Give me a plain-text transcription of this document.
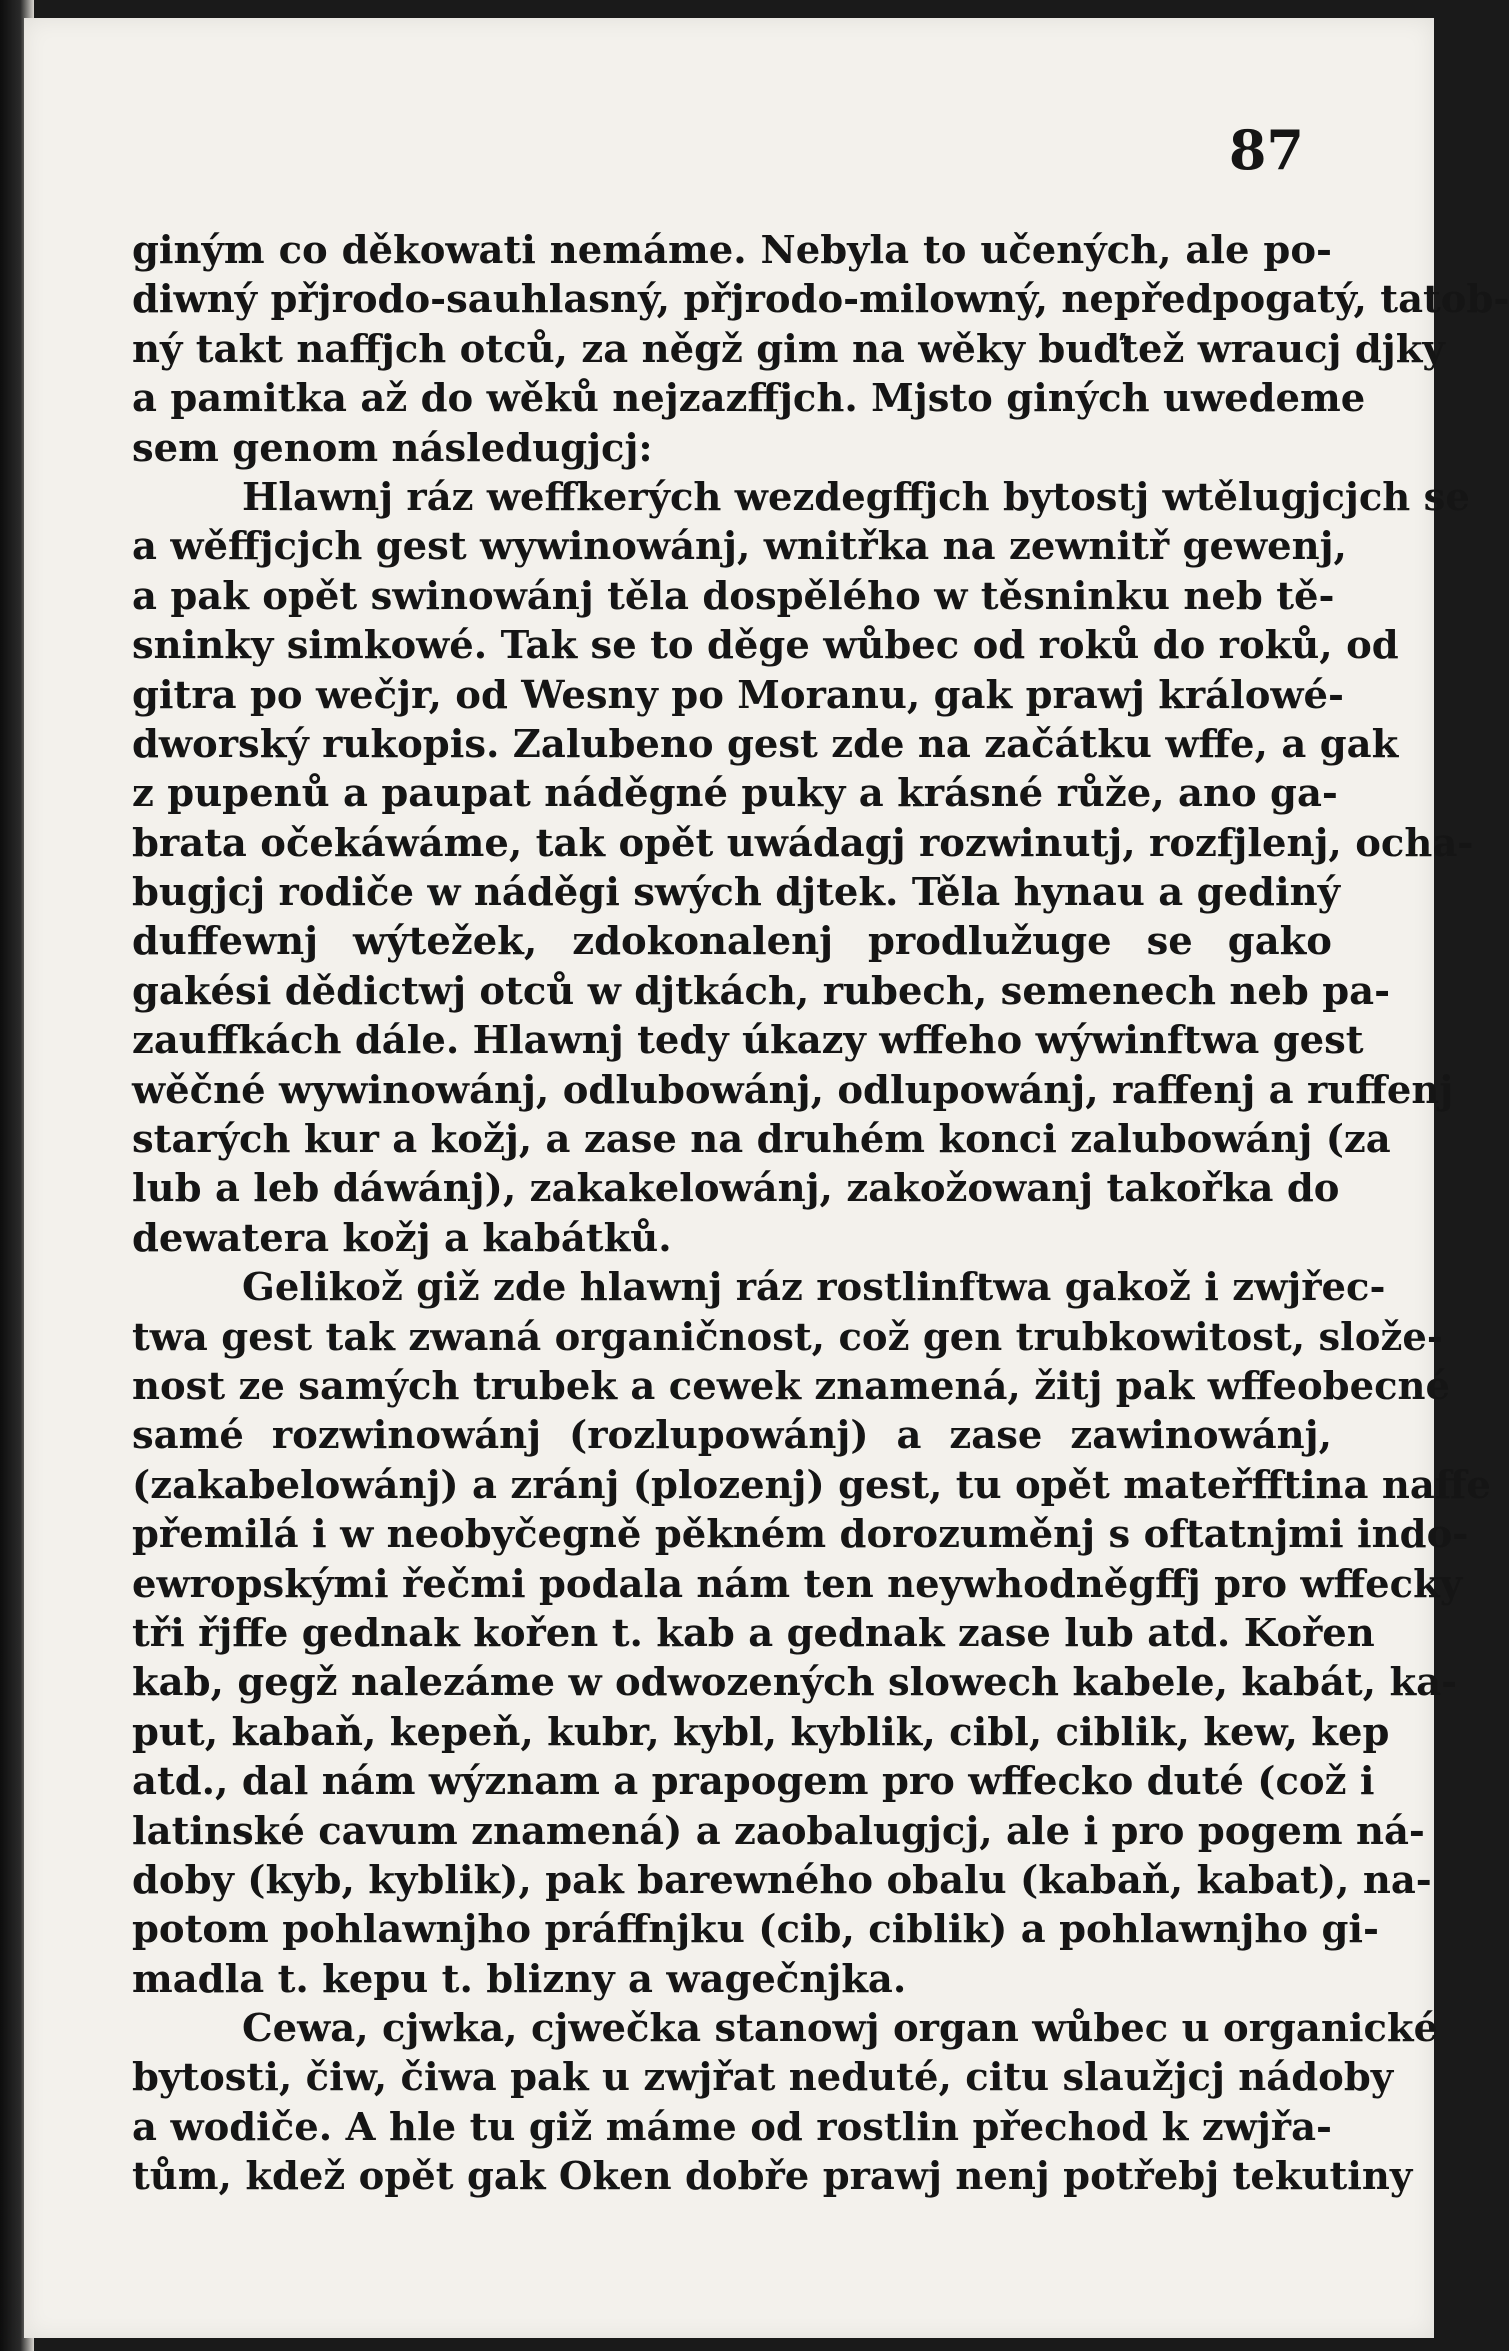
87
giným co děkowati nemáme. Nebyla to učených, ale po-
diwný přjrodo-sauhlasný, přjrodo-milowný, nepředpogatý, tatob-
ný takt naffjch otců, za něgž gim na wěky buďtež wraucj djky
a pamitka až do wěků nejzazffjch. Mjsto giných uwedeme
sem genom následugjcj:
Hlawnj ráz weffkerých wezdegffjch bytostj wtělugjcjch se
a wěffjcjch gest wywinowánj, wnitřka na zewnitř gewenj,
a pak opět swinowánj těla dospělého w těsninku neb tě-
sninky simkowé. Tak se to děge wůbec od roků do roků, od
gitra po wečjr, od Wesny po Moranu, gak prawj králowé-
dworský rukopis. Zalubeno gest zde na začátku wffe, a gak
z pupenů a paupat náděgné puky a krásné růže, ano ga-
brata očekáwáme, tak opět uwádagj rozwinutj, rozfjlenj, ocha-
bugjcj rodiče w náděgi swých djtek. Těla hynau a gediný
duffewnj wýtežek, zdokonalenj prodlužuge se gako
gakési dědictwj otců w djtkách, rubech, semenech neb pa-
zauffkách dále. Hlawnj tedy úkazy wffeho wýwinftwa gest
wěčné wywinowánj, odlubowánj, odlupowánj, raffenj a ruffenj
starých kur a kožj, a zase na druhém konci zalubowánj (za
lub a leb dáwánj), zakakelowánj, zakožowanj takořka do
dewatera kožj a kabátků.
Gelikož giž zde hlawnj ráz rostlinftwa gakož i zwjřec-
twa gest tak zwaná organičnost, což gen trubkowitost, slože-
nost ze samých trubek a cewek znamená, žitj pak wffeobecné
samé rozwinowánj (rozlupowánj) a zase zawinowánj,
(zakabelowánj) a zránj (plozenj) gest, tu opět mateřfftina naffe
přemilá i w neobyčegně pěkném dorozuměnj s oftatnjmi indo-
ewropskými řečmi podala nám ten neywhodněgffj pro wffecky
tři řjffe gednak kořen t. kab a gednak zase lub atd. Kořen
kab, gegž nalezáme w odwozených slowech kabele, kabát, ka-
put, kabaň, kepeň, kubr, kybl, kyblik, cibl, ciblik, kew, kep
atd., dal nám wýznam a prapogem pro wffecko duté (což i
latinské cavum znamená) a zaobalugjcj, ale i pro pogem ná-
doby (kyb, kyblik), pak barewného obalu (kabaň, kabat), na-
potom pohlawnjho práffnjku (cib, ciblik) a pohlawnjho gi-
madla t. kepu t. blizny a wagečnjka.
Cewa, cjwka, cjwečka stanowj organ wůbec u organické
bytosti, čiw, čiwa pak u zwjřat neduté, citu slaužjcj nádoby
a wodiče. A hle tu giž máme od rostlin přechod k zwjřa-
tům, kdež opět gak Oken dobře prawj nenj potřebj tekutiny
